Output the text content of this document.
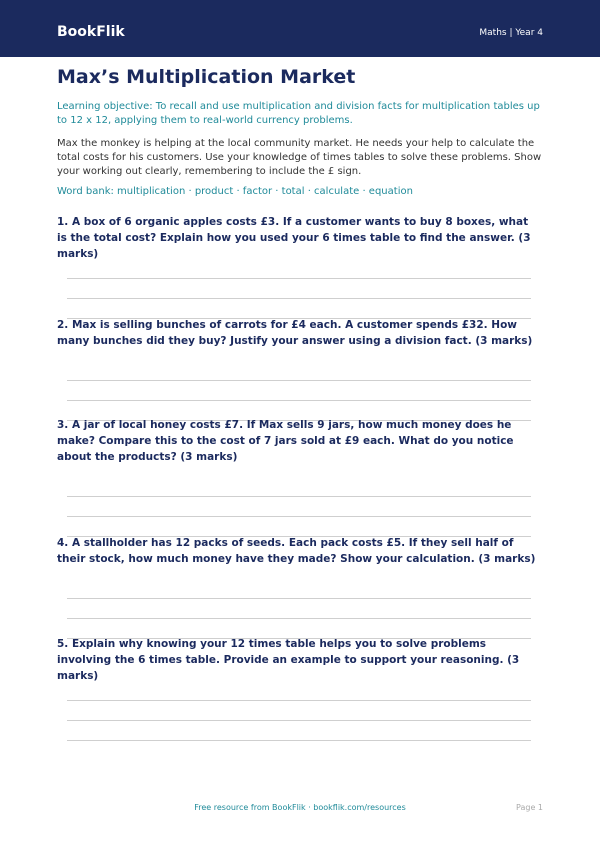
BookFlik	Maths | Year 4
Max’s Multiplication Market

Learning objective: To recall and use multiplication and division facts for multiplication tables up to 12 x 12, applying them to real-world currency problems.

Max the monkey is helping at the local community market. He needs your help to calculate the total costs for his customers. Use your knowledge of times tables to solve these problems. Show your working out clearly, remembering to include the £ sign.

Word bank: multiplication · product · factor · total · calculate · equation

1. A box of 6 organic apples costs £3. If a customer wants to buy 8 boxes, what is the total cost? Explain how you used your 6 times table to find the answer. (3 marks)

2. Max is selling bunches of carrots for £4 each. A customer spends £32. How many bunches did they buy? Justify your answer using a division fact. (3 marks)

3. A jar of local honey costs £7. If Max sells 9 jars, how much money does he make? Compare this to the cost of 7 jars sold at £9 each. What do you notice about the products? (3 marks)

4. A stallholder has 12 packs of seeds. Each pack costs £5. If they sell half of their stock, how much money have they made? Show your calculation. (3 marks)

5. Explain why knowing your 12 times table helps you to solve problems involving the 6 times table. Provide an example to support your reasoning. (3 marks)

Free resource from BookFlik · bookflik.com/resources	Page 1
